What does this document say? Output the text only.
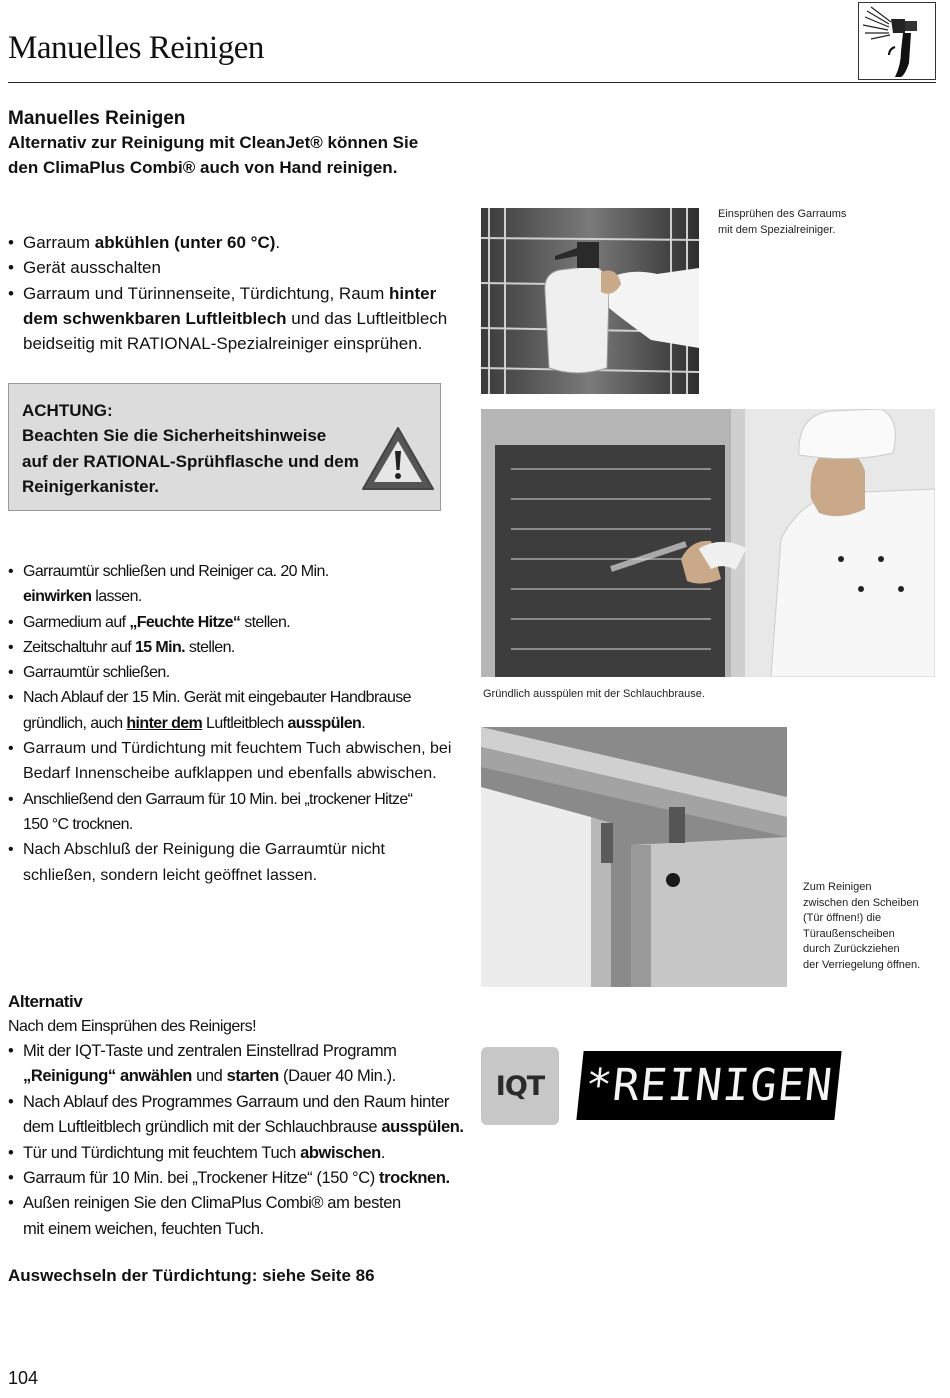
Manuelles Reinigen
Manuelles Reinigen
Alternativ zur Reinigung mit CleanJet® können Sie
den ClimaPlus Combi® auch von Hand reinigen.
• Garraum abkühlen (unter 60 °C).
• Gerät ausschalten
• Garraum und Türinnenseite, Türdichtung, Raum hinter
dem schwenkbaren Luftleitblech und das Luftleitblech
beidseitig mit RATIONAL-Spezialreiniger einsprühen.
ACHTUNG:
Beachten Sie die Sicherheitshinweise
auf der RATIONAL-Sprühflasche und dem
Reinigerkanister.
• Garraumtür schließen und Reiniger ca. 20 Min.
einwirken lassen.
• Garmedium auf „Feuchte Hitze“ stellen.
• Zeitschaltuhr auf 15 Min. stellen.
• Garraumtür schließen.
• Nach Ablauf der 15 Min. Gerät mit eingebauter Handbrause
gründlich, auch hinter dem Luftleitblech ausspülen.
• Garraum und Türdichtung mit feuchtem Tuch abwischen, bei
Bedarf Innenscheibe aufklappen und ebenfalls abwischen.
• Anschließend den Garraum für 10 Min. bei „trockener Hitze“
150 °C trocknen.
• Nach Abschluß der Reinigung die Garraumtür nicht
schließen, sondern leicht geöffnet lassen.
Alternativ
Nach dem Einsprühen des Reinigers!
• Mit der IQT-Taste und zentralen Einstellrad Programm
„Reinigung“ anwählen und starten (Dauer 40 Min.).
• Nach Ablauf des Programmes Garraum und den Raum hinter
dem Luftleitblech gründlich mit der Schlauchbrause ausspülen.
• Tür und Türdichtung mit feuchtem Tuch abwischen.
• Garraum für 10 Min. bei „Trockener Hitze“ (150 °C) trocknen.
• Außen reinigen Sie den ClimaPlus Combi® am besten
mit einem weichen, feuchten Tuch.
Auswechseln der Türdichtung: siehe Seite 86
104
Einsprühen des Garraums
mit dem Spezialreiniger.
Gründlich ausspülen mit der Schlauchbrause.
Zum Reinigen
zwischen den Scheiben
(Tür öffnen!) die
Türaußenscheiben
durch Zurückziehen
der Verriegelung öffnen.
IQT *REINIGEN
